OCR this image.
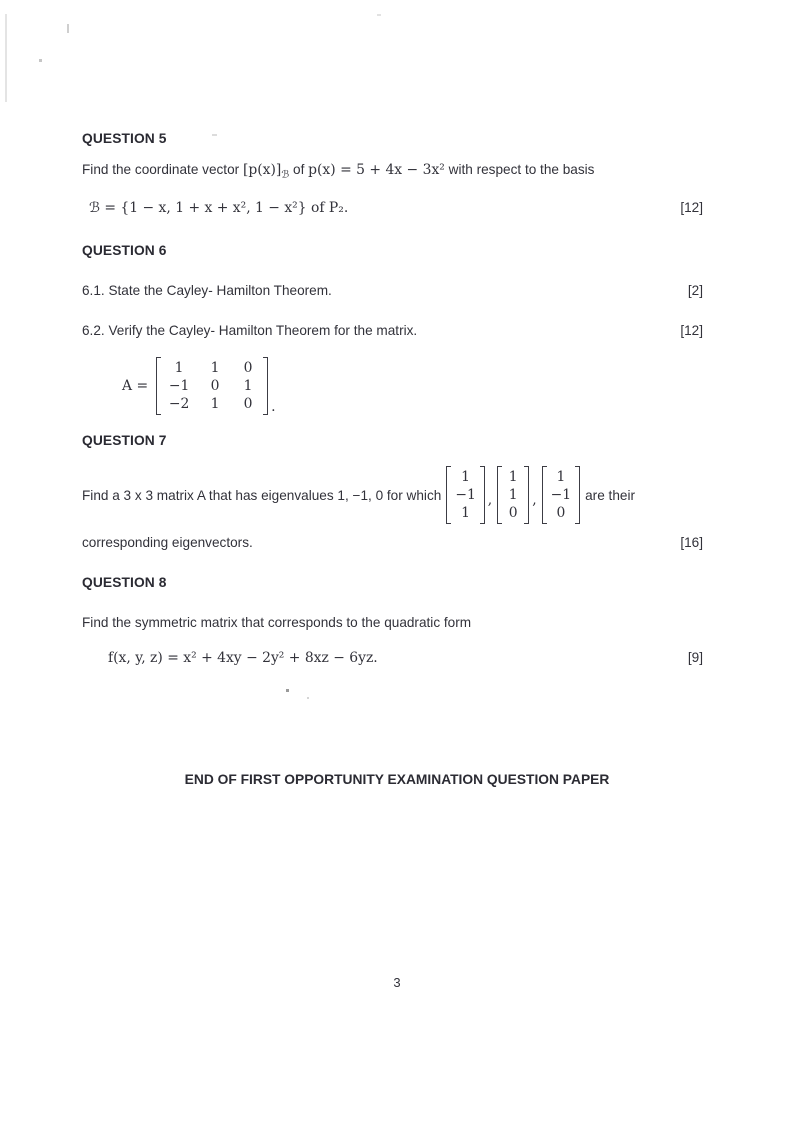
QUESTION 5
Find the coordinate vector $[p(x)]_ℬ$ of p(x) = 5 + 4x − 3x² with respect to the basis
ℬ = {1 − x, 1 + x + x², 1 − x²} of P₂.	[12]
QUESTION 6
6.1. State the Cayley- Hamilton Theorem.	[2]
6.2. Verify the Cayley- Hamilton Theorem for the matrix.	[12]
A =
1	1	0
−1	0	1
−2	1	0	.
QUESTION 7
Find a 3 x 3 matrix A that has eigenvalues 1, −1, 0 for which
1
−1
1
,
1
1
0
,
1
−1
0
are their
corresponding eigenvectors.	[16]
QUESTION 8
Find the symmetric matrix that corresponds to the quadratic form
f(x, y, z) = x² + 4xy − 2y² + 8xz − 6yz.	[9]
END OF FIRST OPPORTUNITY EXAMINATION QUESTION PAPER
3
